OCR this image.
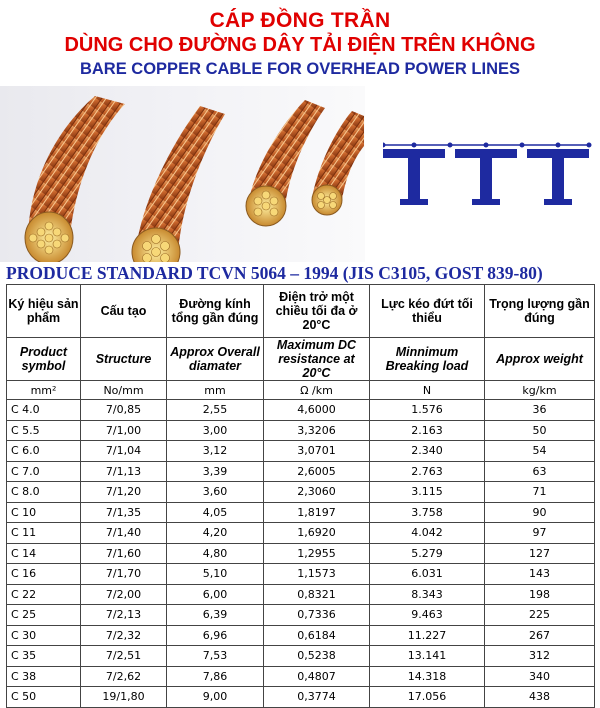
CÁP ĐỒNG TRẦN
DÙNG CHO ĐƯỜNG DÂY TẢI ĐIỆN TRÊN KHÔNG
BARE COPPER CABLE FOR OVERHEAD POWER LINES
PRODUCE STANDARD TCVN 5064 – 1994 (JIS C3105, GOST 839-80)
Ký hiệu sản phẩm	Cấu tạo	Đường kính tổng gần đúng	Điện trở một chiều tối đa ở 20°C	Lực kéo đứt tối thiểu	Trọng lượng gần đúng
Product symbol	Structure	Approx Overall diamater	Maximum DC resistance at 20°C	Minnimum Breaking load	Approx weight
mm²	No/mm	mm	Ω /km	N	kg/km
C 4.0	7/0,85	2,55	4,6000	1.576	36
C 5.5	7/1,00	3,00	3,3206	2.163	50
C 6.0	7/1,04	3,12	3,0701	2.340	54
C 7.0	7/1,13	3,39	2,6005	2.763	63
C 8.0	7/1,20	3,60	2,3060	3.115	71
C 10	7/1,35	4,05	1,8197	3.758	90
C 11	7/1,40	4,20	1,6920	4.042	97
C 14	7/1,60	4,80	1,2955	5.279	127
C 16	7/1,70	5,10	1,1573	6.031	143
C 22	7/2,00	6,00	0,8321	8.343	198
C 25	7/2,13	6,39	0,7336	9.463	225
C 30	7/2,32	6,96	0,6184	11.227	267
C 35	7/2,51	7,53	0,5238	13.141	312
C 38	7/2,62	7,86	0,4807	14.318	340
C 50	19/1,80	9,00	0,3774	17.056	438
